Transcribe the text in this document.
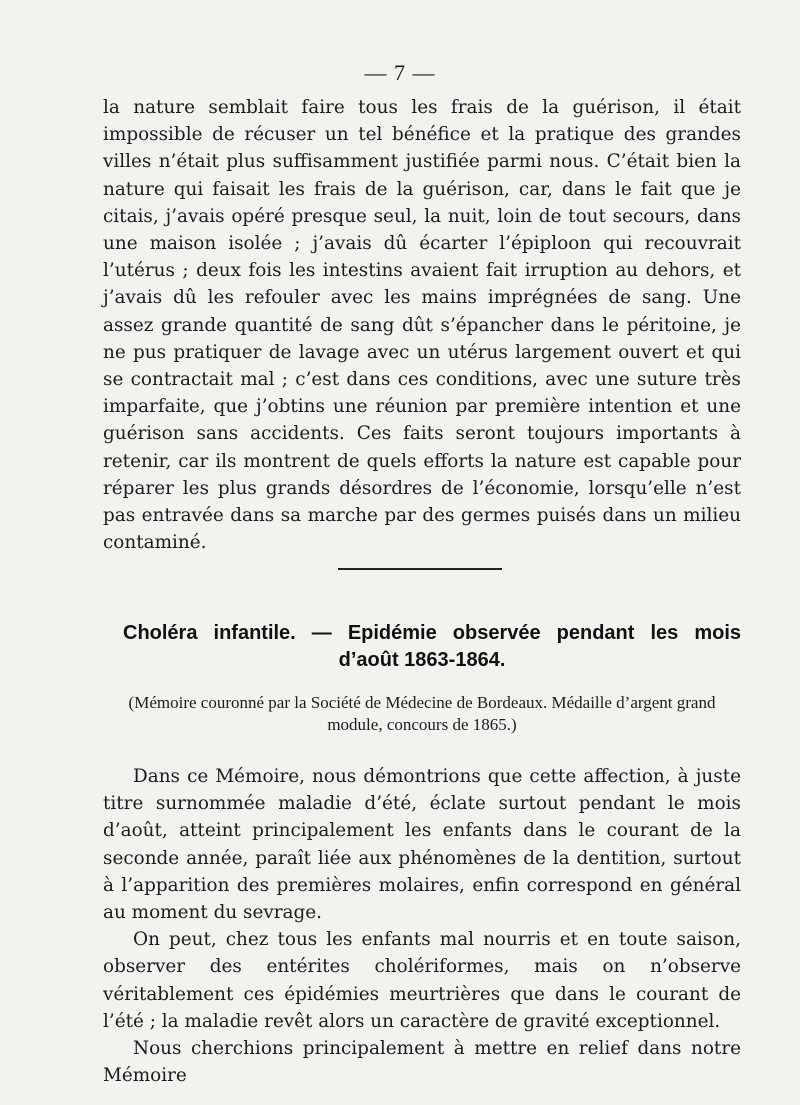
— 7 —

la nature semblait faire tous les frais de la guérison, il était impossible de récuser un tel bénéfice et la pratique des grandes villes n’était plus suffisamment justifiée parmi nous. C’était bien la nature qui faisait les frais de la guérison, car, dans le fait que je citais, j’avais opéré presque seul, la nuit, loin de tout secours, dans une maison isolée ; j’avais dû écarter l’épiploon qui recouvrait l’utérus ; deux fois les intestins avaient fait irruption au dehors, et j’avais dû les refouler avec les mains imprégnées de sang. Une assez grande quantité de sang dût s’épancher dans le péritoine, je ne pus pratiquer de lavage avec un utérus largement ouvert et qui se contractait mal ; c’est dans ces conditions, avec une suture très imparfaite, que j’obtins une réunion par première intention et une guérison sans accidents. Ces faits seront toujours importants à retenir, car ils montrent de quels efforts la nature est capable pour réparer les plus grands désordres de l’économie, lorsqu’elle n’est pas entravée dans sa marche par des germes puisés dans un milieu contaminé.

Choléra infantile. — Epidémie observée pendant les mois
d’août 1863-1864.
(Mémoire couronné par la Société de Médecine de Bordeaux. Médaille d’argent grand module, concours de 1865.)

Dans ce Mémoire, nous démontrions que cette affection, à juste titre surnommée maladie d’été, éclate surtout pendant le mois d’août, atteint principalement les enfants dans le courant de la seconde année, paraît liée aux phénomènes de la dentition, surtout à l’apparition des premières molaires, enfin correspond en général au moment du sevrage.

On peut, chez tous les enfants mal nourris et en toute saison, observer des entérites cholériformes, mais on n’observe véritablement ces épidémies meurtrières que dans le courant de l’été ; la maladie revêt alors un caractère de gravité exceptionnel.

Nous cherchions principalement à mettre en relief dans notre Mémoire
